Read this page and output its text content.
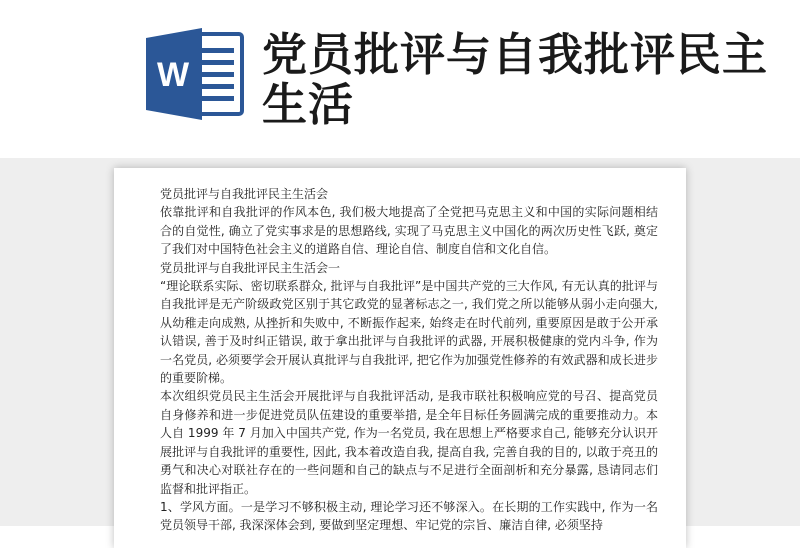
W 党员批评与自我批评民主生活

党员批评与自我批评民主生活会

依靠批评和自我批评的作风本色, 我们极大地提高了全党把马克思主义和中国的实际问题相结合的自觉性, 确立了党实事求是的思想路线, 实现了马克思主义中国化的两次历史性飞跃, 奠定了我们对中国特色社会主义的道路自信、理论自信、制度自信和文化自信。

党员批评与自我批评民主生活会一

“理论联系实际、密切联系群众, 批评与自我批评”是中国共产党的三大作风, 有无认真的批评与自我批评是无产阶级政党区别于其它政党的显著标志之一, 我们党之所以能够从弱小走向强大, 从幼稚走向成熟, 从挫折和失败中, 不断振作起来, 始终走在时代前列, 重要原因是敢于公开承认错误, 善于及时纠正错误, 敢于拿出批评与自我批评的武器, 开展积极健康的党内斗争, 作为一名党员, 必须要学会开展认真批评与自我批评, 把它作为加强党性修养的有效武器和成长进步的重要阶梯。

本次组织党员民主生活会开展批评与自我批评活动, 是我市联社积极响应党的号召、提高党员自身修养和进一步促进党员队伍建设的重要举措, 是全年目标任务圆满完成的重要推动力。本人自 1999 年 7 月加入中国共产党, 作为一名党员, 我在思想上严格要求自己, 能够充分认识开展批评与自我批评的重要性, 因此, 我本着改造自我, 提高自我, 完善自我的目的, 以敢于亮丑的勇气和决心对联社存在的一些问题和自己的缺点与不足进行全面剖析和充分暴露, 恳请同志们监督和批评指正。

1、学风方面。一是学习不够积极主动, 理论学习还不够深入。在长期的工作实践中, 作为一名党员领导干部, 我深深体会到, 要做到坚定理想、牢记党的宗旨、廉洁自律, 必须坚持
